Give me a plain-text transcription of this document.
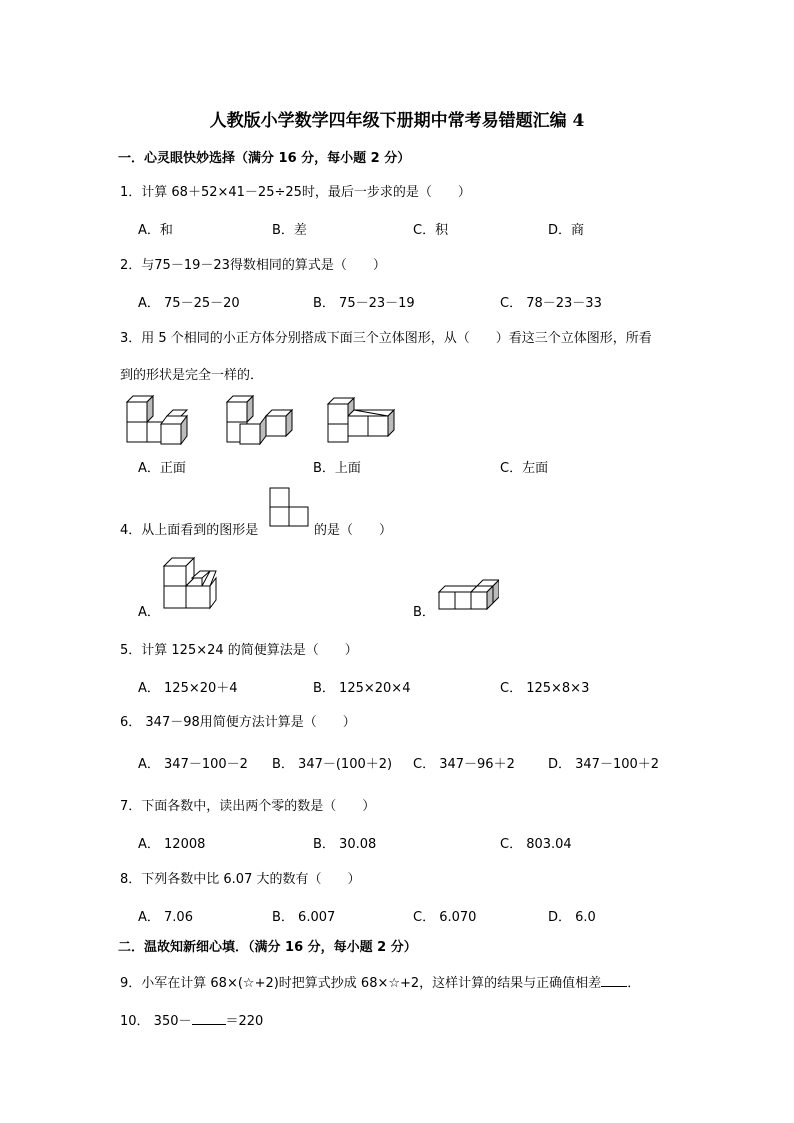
人教版小学数学四年级下册期中常考易错题汇编 4
一．心灵眼快妙选择（满分 16 分，每小题 2 分）
1．计算 68＋52×41－25÷25时，最后一步求的是（　　）
A．和	B．差	C．积	D．商
2．与75－19－23得数相同的算式是（　　）
A． 75－25－20	B． 75－23－19	C． 78－23－33
3．用 5 个相同的小正方体分别搭成下面三个立体图形，从（　　）看这三个立体图形，所看
到的形状是完全一样的．
A．正面	B．上面	C．左面
4．从上面看到的图形是	的是（　　）
A．	B．
5．计算 125×24 的简便算法是（　　）
A． 125×20＋4	B． 125×20×4	C． 125×8×3
6． 347－98用简便方法计算是（　　）
A． 347－100－2 B． 347－(100＋2) C． 347－96＋2	D． 347－100＋2
7．下面各数中，读出两个零的数是（　　）
A． 12008	B． 30.08	C． 803.04
8．下列各数中比 6.07 大的数有（　　）
A． 7.06	B． 6.007	C． 6.070	D． 6.0
二．温故知新细心填．（满分 16 分，每小题 2 分）
9．小军在计算 68×(☆+2)时把算式抄成 68×☆+2，这样计算的结果与正确值相差 ．
10． 350－	＝220
